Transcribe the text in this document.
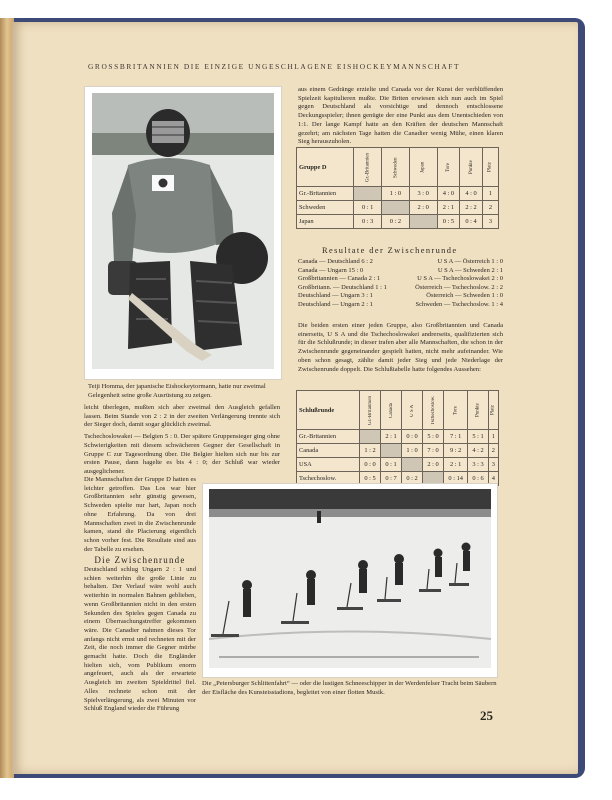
GROSSBRITANNIEN DIE EINZIGE UNGESCHLAGENE EISHOCKEYMANNSCHAFT
Teiji Homma, der japanische Eishockeytormann, hatte nur zweimal Gelegenheit seine große Ausrüstung zu zeigen.
aus einem Gedränge erzielte und Canada vor der Kunst der verblüffenden Spielzeit kapitulieren mußte. Die Briten erwiesen sich nun auch im Spiel gegen Deutschland als vorsichtige und dennoch entschlossene Deckungsspieler; ihnen genügte der eine Punkt aus dem Unentschieden von 1:1. Der lange Kampf hatte an den Kräften der deutschen Mannschaft gezehrt; am nächsten Tage hatten die Canadier wenig Mühe, einen klaren Sieg herauszuholen.
Gruppe D	Gr.-Britannien	Schweden	Japan	Tore	Punkte	Platz
Gr.-Britannien		1 : 0	3 : 0	4 : 0	4 : 0	1
Schweden	0 : 1		2 : 0	2 : 1	2 : 2	2
Japan	0 : 3	0 : 2		0 : 5	0 : 4	3
Resultate der Zwischenrunde
Canada — Deutschland 6 : 2	U S A — Österreich 1 : 0
Canada — Ungarn 15 : 0	U S A — Schweden 2 : 1
Großbritannien — Canada 2 : 1	U S A — Tschechoslowakei 2 : 0
Großbritann. — Deutschland 1 : 1	Österreich — Tschechoslow. 2 : 2
Deutschland — Ungarn 3 : 1	Österreich — Schweden 1 : 0
Deutschland — Ungarn 2 : 1	Schweden — Tschechoslow. 1 : 4
Die beiden ersten einer jeden Gruppe, also Großbritannien und Canada einerseits, U S A und die Tschechoslowakei andrerseits, qualifizierten sich für die Schlußrunde; in dieser trafen aber alle Mannschaften, die schon in der Zwischenrunde gegeneinander gespielt hatten, nicht mehr aufeinander. Wie oben schon gesagt, zählte damit jeder Sieg und jede Niederlage der Zwischenrunde doppelt. Die Schlußtabelle hatte folgendes Aussehen:
Schlußrunde	Gr.-Britannien	Canada	U S A	Tschechoslow.	Tore	Punkte	Platz
Gr.-Britannien		2 : 1	0 : 0	5 : 0	7 : 1	5 : 1	1
Canada	1 : 2		1 : 0	7 : 0	9 : 2	4 : 2	2
USA	0 : 0	0 : 1		2 : 0	2 : 1	3 : 3	3
Tschechoslow.	0 : 5	0 : 7	0 : 2		0 : 14	0 : 6	4

leicht überlegen, mußten sich aber zweimal den Ausgleich gefallen lassen. Beim Stande von 2 : 2 in der zweiten Verlängerung trennte sich der Sieger doch, damit sogar glücklich zweimal.

Tschechoslowakei — Belgien 5 : 0. Der spätere Gruppensieger ging ohne Schwierigkeiten mit diesem schwächeren Gegner der Gesellschaft in Gruppe C zur Tagesordnung über. Die Belgier hielten sich nur bis zur ersten Pause, dann hagelte es bis 4 : 0; der Schluß war wieder ausgeglichener.

Die Mannschaften der Gruppe D hatten es leichter getroffen. Das Los war hier Großbritannien sehr günstig gewesen, Schweden spielte nur hart, Japan noch ohne Erfahrung. Da von drei Mannschaften zwei in die Zwischenrunde kamen, stand die Placierung eigentlich schon vorher fest. Die Resultate sind aus der Tabelle zu ersehen.

Die Zwischenrunde

Deutschland schlug Ungarn 2 : 1 und schien weiterhin die große Linie zu behalten. Der Verlauf wäre wohl auch weiterhin in normalen Bahnen geblieben, wenn Großbritannien nicht in den ersten Sekunden des Spieles gegen Canada zu einem Überraschungstreffer gekommen wäre. Die Canadier nahmen dieses Tor anfangs nicht ernst und rechneten mit der Zeit, die noch immer die Gegner mürbe gemacht hatte. Doch die Engländer hielten sich, vom Publikum enorm angefeuert, auch als der erwartete Ausgleich im zweiten Spieldrittel fiel. Alles rechnete schon mit der Spielverlängerung, als zwei Minuten vor Schluß England wieder die Führung

Die „Petersburger Schlittenfahrt“ — oder die lustigen Schneeschipper in der Werdenfelser Tracht beim Säubern der Eisfläche des Kunsteisstadions, begleitet von einer flotten Musik.
25
